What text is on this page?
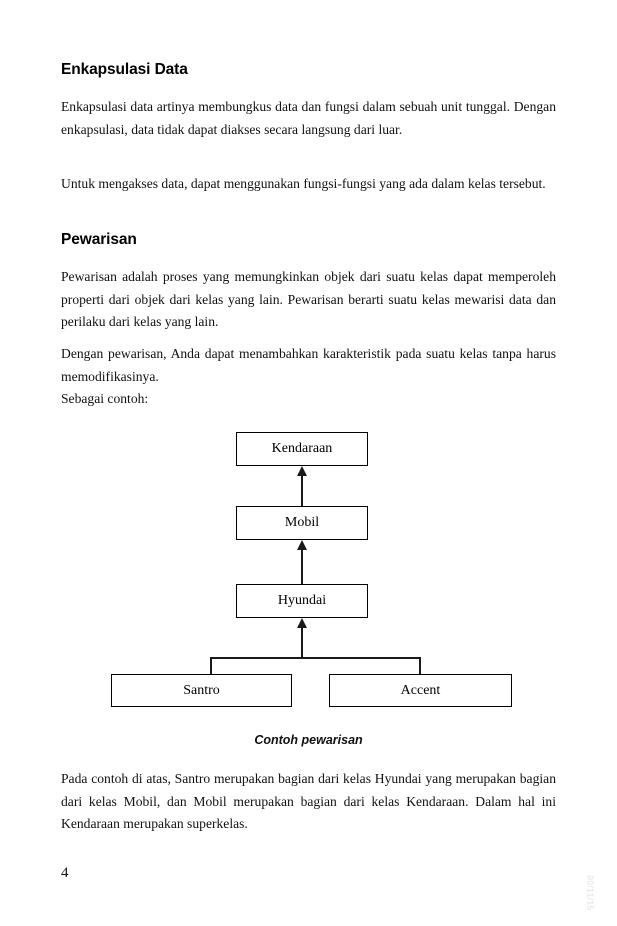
Enkapsulasi Data

Enkapsulasi data artinya membungkus data dan fungsi dalam sebuah unit tunggal. Dengan enkapsulasi, data tidak dapat diakses secara langsung dari luar.

Untuk mengakses data, dapat menggunakan fungsi-fungsi yang ada dalam kelas tersebut.

Pewarisan

Pewarisan adalah proses yang memungkinkan objek dari suatu kelas dapat memperoleh properti dari objek dari kelas yang lain. Pewarisan berarti suatu kelas mewarisi data dan perilaku dari kelas yang lain.

Dengan pewarisan, Anda dapat menambahkan karakteristik pada suatu kelas tanpa harus memodifikasinya.

Sebagai contoh:

Pada contoh di atas, Santro merupakan bagian dari kelas Hyundai yang merupakan bagian dari kelas Mobil, dan Mobil merupakan bagian dari kelas Kendaraan. Dalam hal ini Kendaraan merupakan superkelas.

Kendaraan
Mobil
Hyundai
Santro	Accent
Contoh pewarisan
4
00/11/15
